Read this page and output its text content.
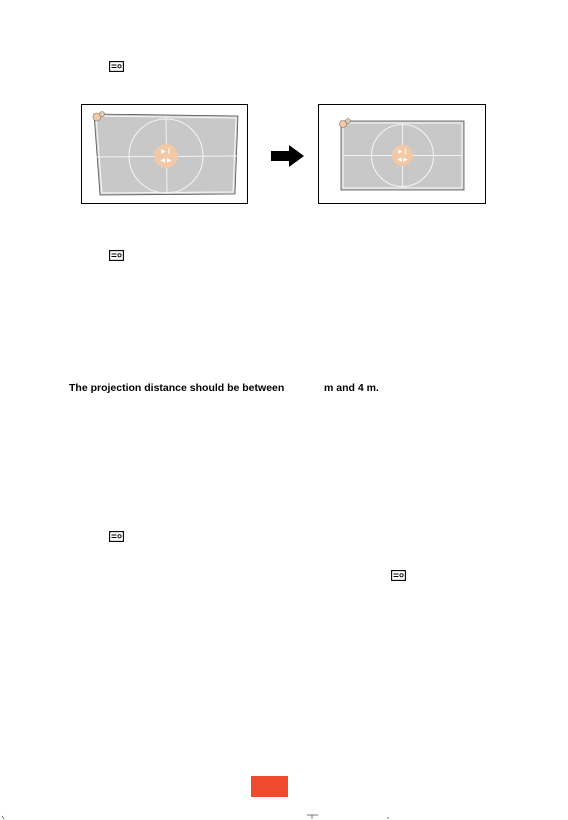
▶ ‖
◀ ▶
▶ ‖
◀ ▶
The projection distance should be between	m and 4 m.
